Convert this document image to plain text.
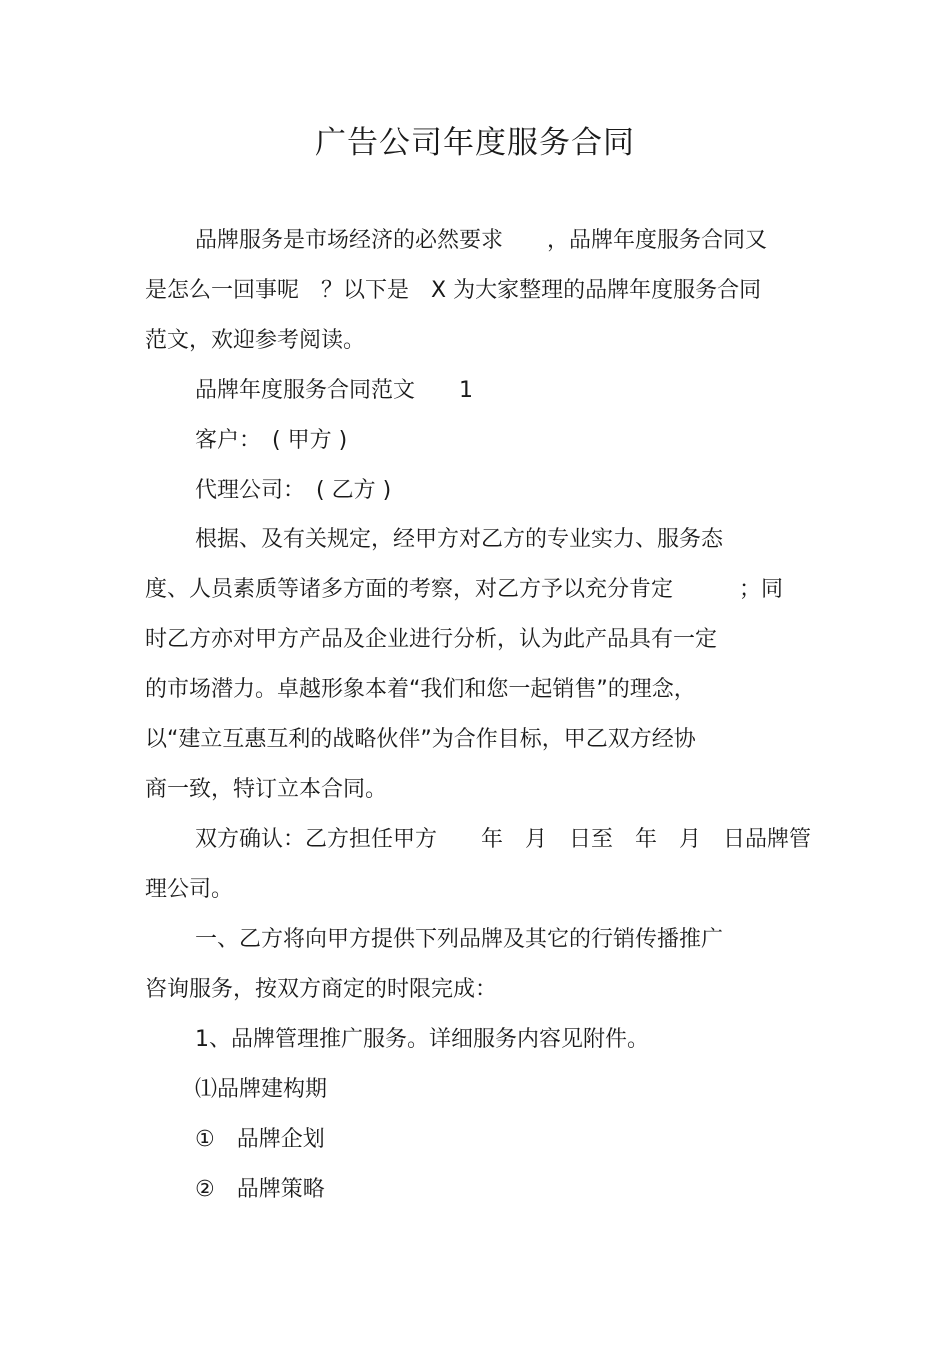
广告公司年度服务合同
品牌服务是市场经济的必然要求　　，品牌年度服务合同又
是怎么一回事呢　？以下是　X 为大家整理的品牌年度服务合同
范文，欢迎参考阅读。
品牌年度服务合同范文　　1
客户：　( 甲方 )
代理公司：　( 乙方 )
根据、及有关规定，经甲方对乙方的专业实力、服务态
度、人员素质等诸多方面的考察，对乙方予以充分肯定　　　；同
时乙方亦对甲方产品及企业进行分析，认为此产品具有一定
的市场潜力。卓越形象本着“我们和您一起销售”的理念，
以“建立互惠互利的战略伙伴”为合作目标，甲乙双方经协
商一致，特订立本合同。
双方确认：乙方担任甲方　　年　月　日至　年　月　日品牌管
理公司。
一、乙方将向甲方提供下列品牌及其它的行销传播推广
咨询服务，按双方商定的时限完成：
1、品牌管理推广服务。详细服务内容见附件。
⑴品牌建构期
①　品牌企划
②　品牌策略
